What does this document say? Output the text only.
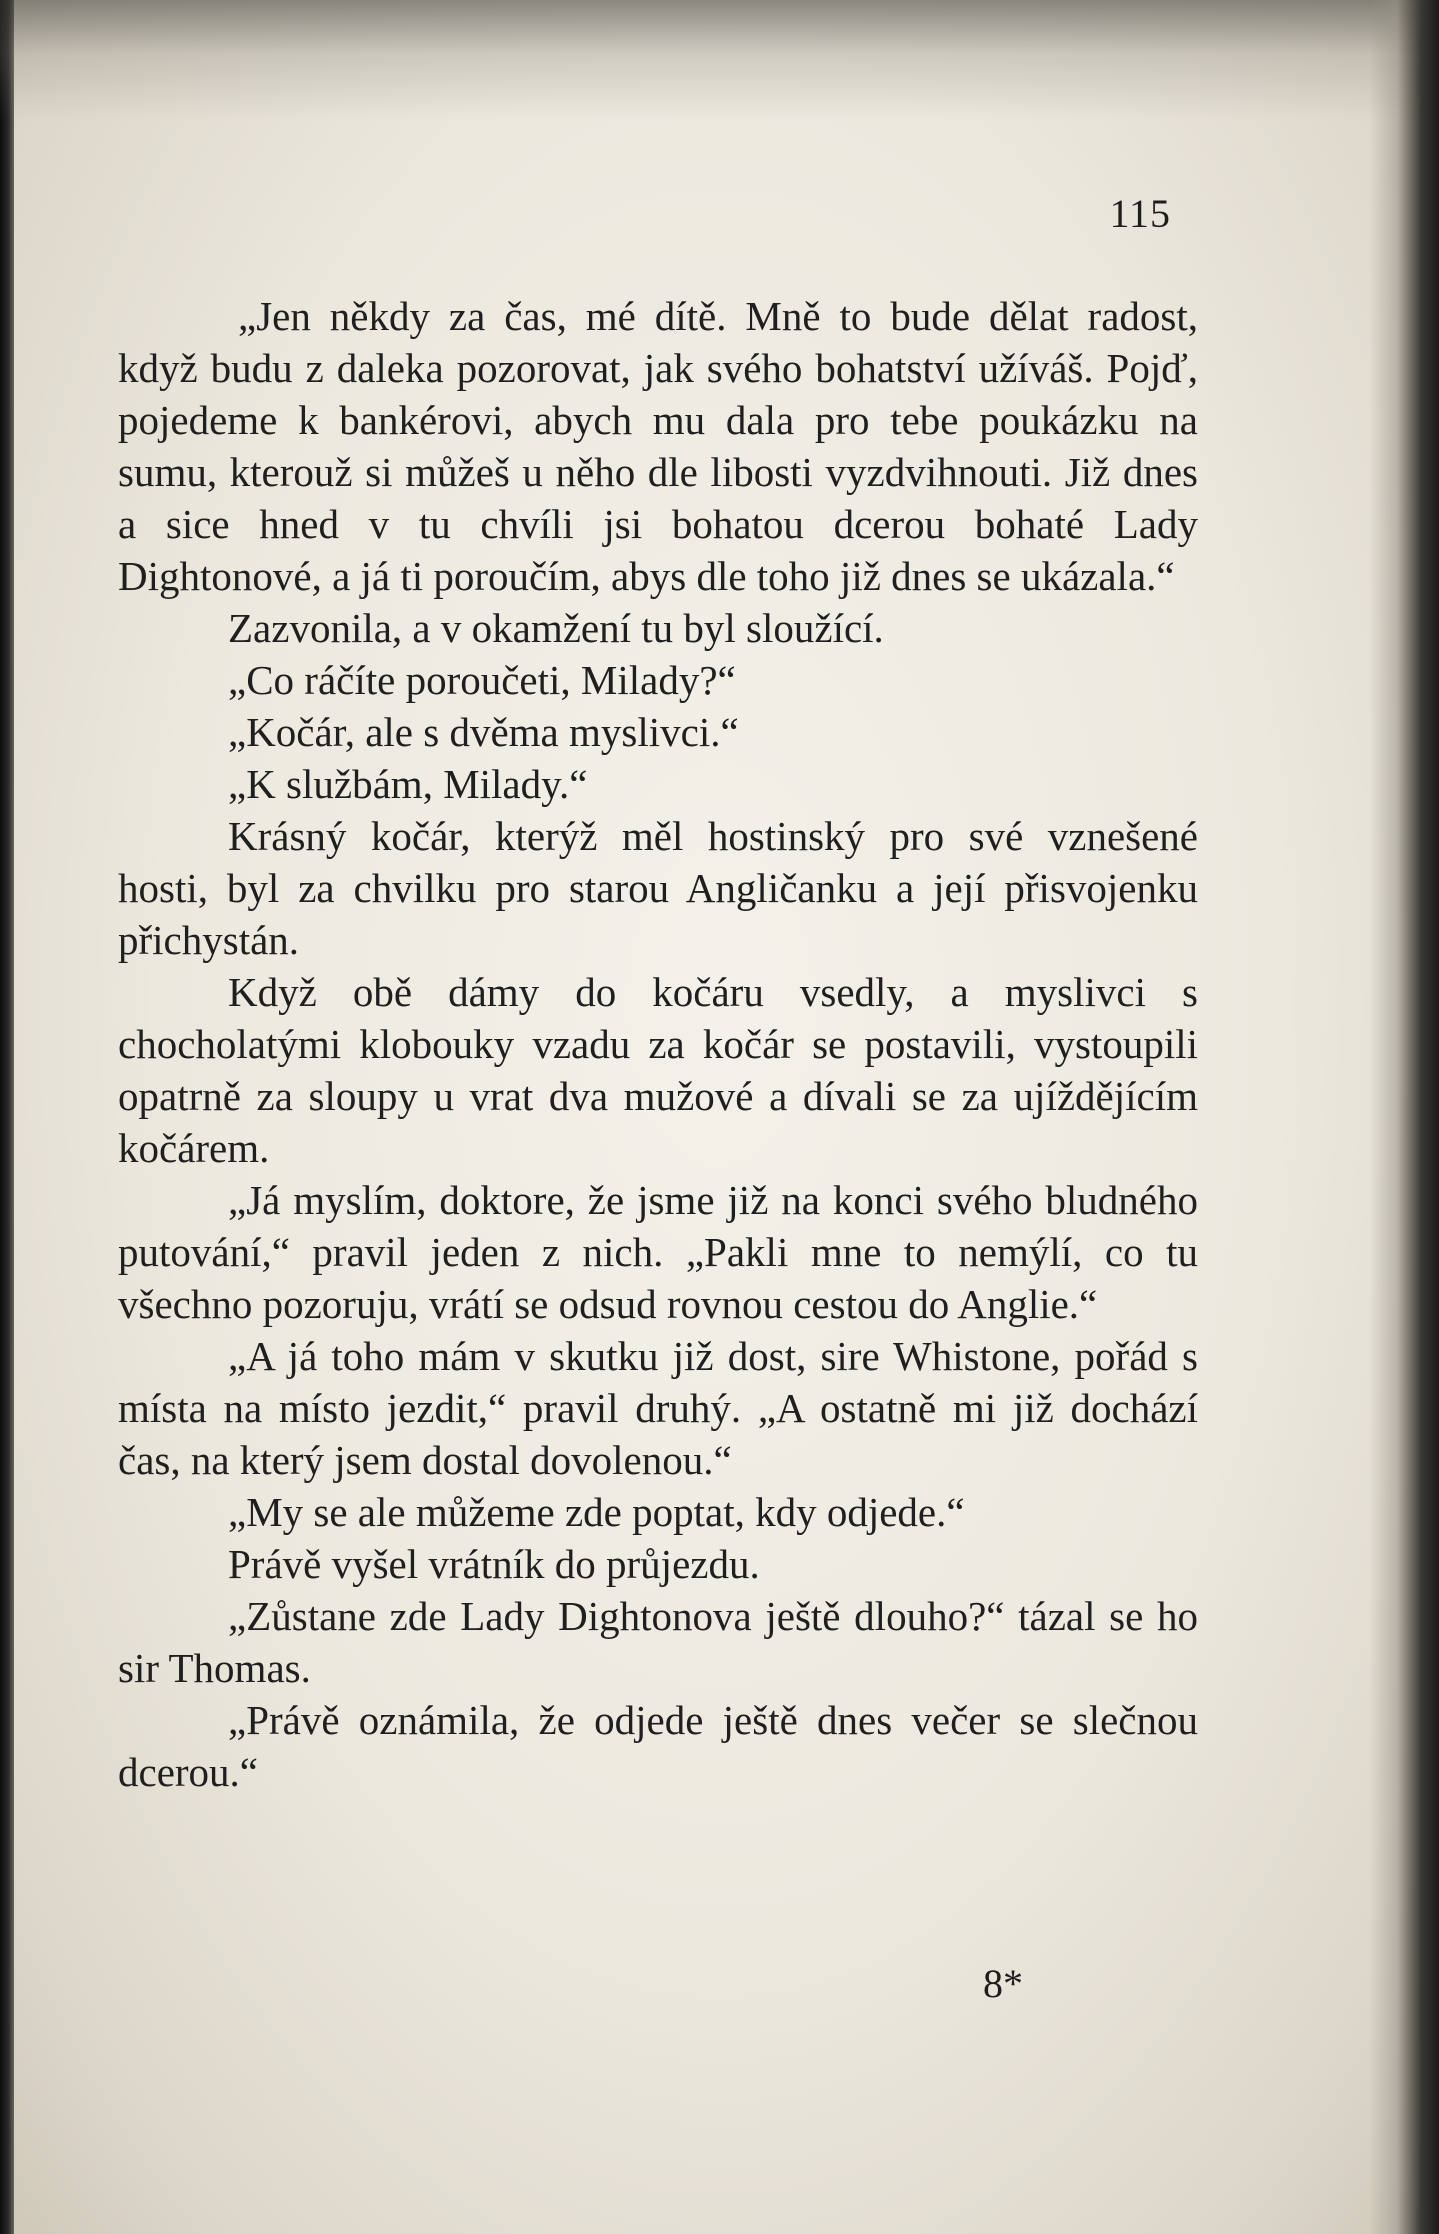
115

„Jen někdy za čas, mé dítě. Mně to bude dělat radost, když budu z daleka pozorovat, jak svého bohatství užíváš. Pojď, pojedeme k bankérovi, abych mu dala pro tebe poukázku na sumu, kterouž si můžeš u něho dle libosti vyzdvihnouti. Již dnes a sice hned v tu chvíli jsi bohatou dcerou bohaté Lady Dightonové, a já ti poroučím, abys dle toho již dnes se ukázala.“

Zazvonila, a v okamžení tu byl sloužící.

„Co ráčíte poroučeti, Milady?“

„Kočár, ale s dvěma myslivci.“

„K službám, Milady.“

Krásný kočár, kterýž měl hostinský pro své vznešené hosti, byl za chvilku pro starou Angličanku a její přisvojenku přichystán.

Když obě dámy do kočáru vsedly, a myslivci s chocholatými klobouky vzadu za kočár se postavili, vystoupili opatrně za sloupy u vrat dva mužové a dívali se za ujíždějícím kočárem.

„Já myslím, doktore, že jsme již na konci svého bludného putování,“ pravil jeden z nich. „Pakli mne to nemýlí, co tu všechno pozoruju, vrátí se odsud rovnou cestou do Anglie.“

„A já toho mám v skutku již dost, sire Whistone, pořád s místa na místo jezdit,“ pravil druhý. „A ostatně mi již dochází čas, na který jsem dostal dovolenou.“

„My se ale můžeme zde poptat, kdy odjede.“

Právě vyšel vrátník do průjezdu.

„Zůstane zde Lady Dightonova ještě dlouho?“ tázal se ho sir Thomas.

„Právě oznámila, že odjede ještě dnes večer se slečnou dcerou.“

8*
